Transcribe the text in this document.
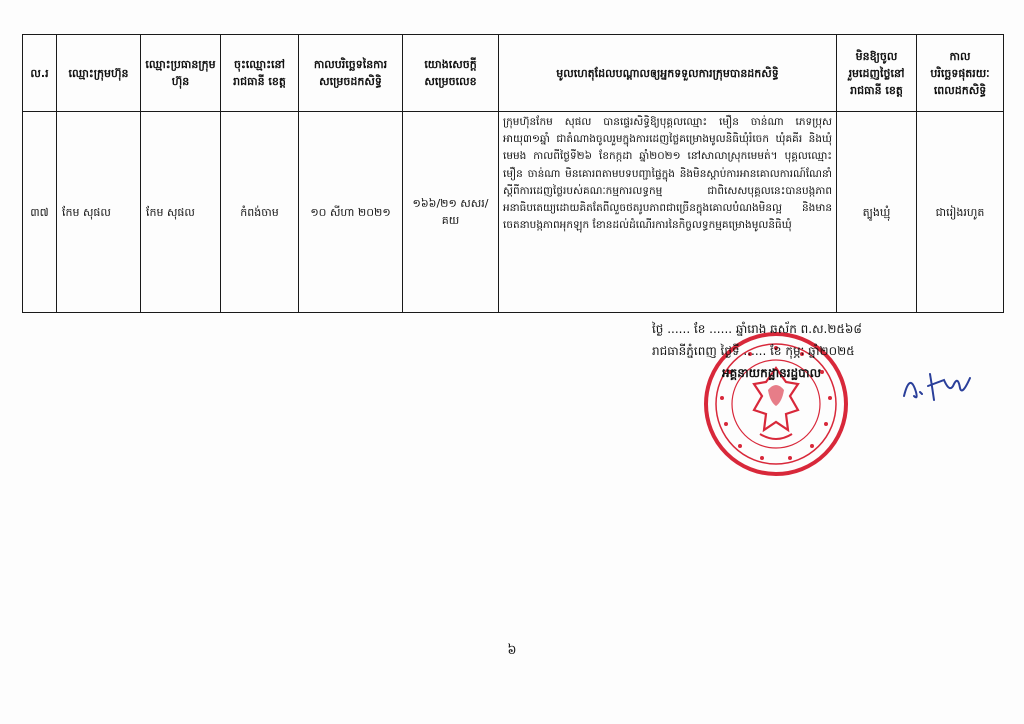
ល.រ	ឈ្មោះក្រុមហ៊ុន	ឈ្មោះប្រធានក្រុមហ៊ុន	ចុះឈ្មោះនៅរាជធានី ខេត្ត	កាលបរិច្ឆេទនៃការសម្រេចដកសិទ្ធិ	យោងសេចក្តីសម្រេចលេខ	មូលហេតុដែលបណ្តាលឲ្យអ្នកទទួលការក្រុមបានដកសិទ្ធិ	មិនឱ្យចូលរួមដេញថ្លៃនៅរាជធានី ខេត្ត	កាលបរិច្ឆេទផុតរយៈពេលដកសិទ្ធិ
៣៧	កែម សុផល	កែម សុផល	កំពង់ចាម	១០ សីហា ២០២១	១៦៦/២១ សសរ/គយ	ក្រុមហ៊ុនកែម សុផល បានផ្ទេរសិទ្ធិឱ្យបុគ្គលឈ្មោះ មឿន ចាន់ណា ភេទប្រុស អាយុ៣១ឆ្នាំ ជាតំណាងចូលរួមក្នុងការដេញថ្លៃគម្រោងមូលនិធិឃុំរំចេក ឃុំគគីរ និងឃុំមេមង កាលពីថ្ងៃទី២៦ ខែកក្កដា ឆ្នាំ២០២១ នៅសាលាស្រុកមេមត់។ បុគ្គលឈ្មោះ មឿន ចាន់ណា មិនគោរពតាមបទបញ្ជាផ្ទៃក្នុង និងមិនស្តាប់ការអានគោលការណ៍ណែនាំស្តីពីការដេញថ្លៃរបស់គណៈកម្មការលទ្ធកម្ម ជាពិសេសបុគ្គលនេះបានបង្កភាពអនាធិបតេយ្យដោយគិតតែពីលួចថតរូបភាពជាច្រើនក្នុងគោលបំណងមិនល្អ និងមានចេតនាបង្កភាពអុកឡុក ខែានដល់ដំណើរការនៃកិច្ចលទ្ធកម្មគម្រោងមូលនិធិឃុំ	ត្បូងឃ្មុំ	ជារៀងរហូត
ថ្ងៃ ...... ខែ ...... ឆ្នាំរោង ឆស័ក ព.ស.២៥៦៨
រាជធានីភ្នំពេញ ថ្ងៃទី ...... ខែ កុម្ភៈ ឆ្នាំ២០២៥
អគ្គនាយកដ្ឋានរដ្ឋបាល
៦
